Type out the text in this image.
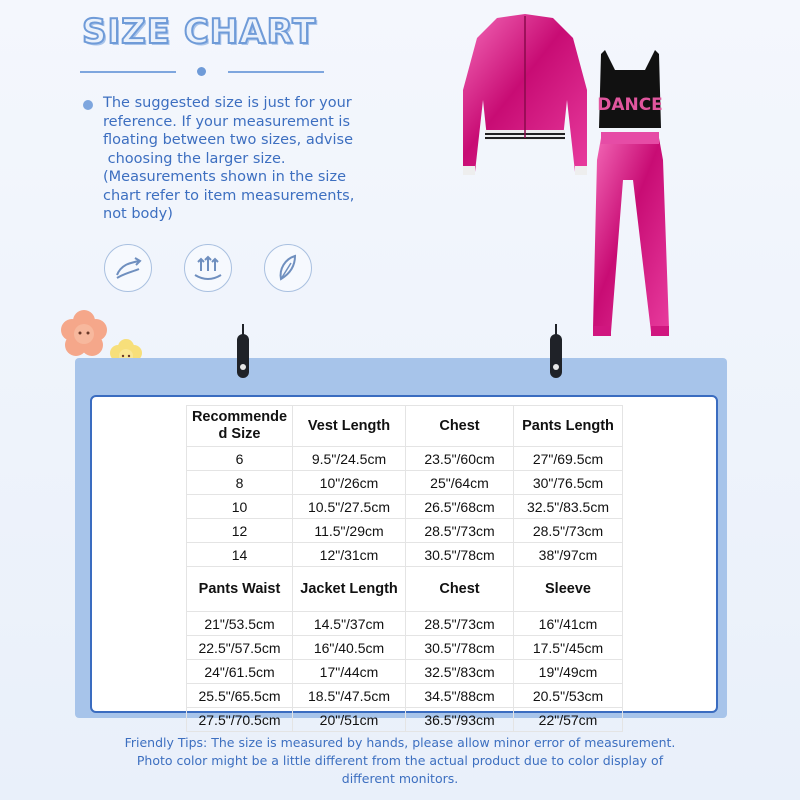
SIZE CHART
The suggested size is just for your
reference. If your measurement is
floating between two sizes, advise
choosing the larger size.
(Measurements shown in the size
chart refer to item measurements,
not body)
DANCE
Recommende
d Size	Vest Length	Chest	Pants Length
6	9.5"/24.5cm	23.5"/60cm	27"/69.5cm
8	10"/26cm	25"/64cm	30"/76.5cm
10	10.5"/27.5cm	26.5"/68cm	32.5"/83.5cm
12	11.5"/29cm	28.5"/73cm	28.5"/73cm
14	12"/31cm	30.5"/78cm	38"/97cm
Pants Waist	Jacket Length	Chest	Sleeve
21"/53.5cm	14.5"/37cm	28.5"/73cm	16"/41cm
22.5"/57.5cm	16"/40.5cm	30.5"/78cm	17.5"/45cm
24"/61.5cm	17"/44cm	32.5"/83cm	19"/49cm
25.5"/65.5cm	18.5"/47.5cm	34.5"/88cm	20.5"/53cm
27.5"/70.5cm	20"/51cm	36.5"/93cm	22"/57cm
Friendly Tips: The size is measured by hands, please allow minor error of measurement.
Photo color might be a little different from the actual product due to color display of
different monitors.
